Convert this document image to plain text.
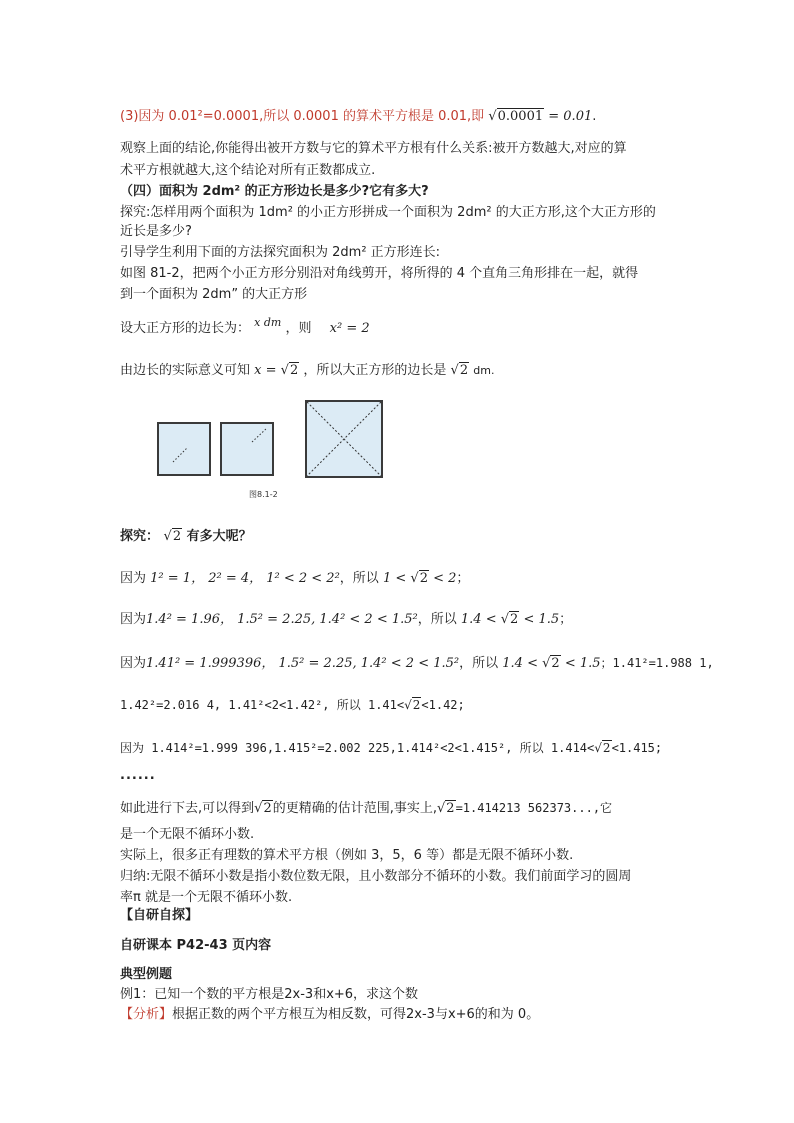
(3)因为 0.01²=0.0001,所以 0.0001 的算术平方根是 0.01,即 √0.0001 = 0.01.
观察上面的结论,你能得出被开方数与它的算术平方根有什么关系:被开方数越大,对应的算
术平方根就越大,这个结论对所有正数都成立.
（四）面积为 2dm² 的正方形边长是多少?它有多大?
探究:怎样用两个面积为 1dm² 的小正方形拼成一个面积为 2dm² 的大正方形,这个大正方形的
近长是多少?
引导学生利用下面的方法探究面积为 2dm² 正方形连长:
如图 81-2，把两个小正方形分别沿对角线剪开，将所得的 4 个直角三角形排在一起，就得
到一个面积为 2dm” 的大正方形
设大正方形的边长为： $^{x dm}$ ，则 x² = 2
由边长的实际意义可知 x = √2 ，所以大正方形的边长是 √2 dm.
图8.1-2
探究： √2 有多大呢？
因为 1² = 1， 2² = 4， 1² < 2 < 2²，所以 1 < √2 < 2；
因为1.4² = 1.96， 1.5² = 2.25, 1.4² < 2 < 1.5²，所以 1.4 < √2 < 1.5；
因为1.41² = 1.999396， 1.5² = 2.25, 1.4² < 2 < 1.5²，所以 1.4 < √2 < 1.5；1.41²=1.988 1,
1.42²=2.016 4, 1.41²<2<1.42², 所以 1.41<√2<1.42;
因为 1.414²=1.999 396,1.415²=2.002 225,1.414²<2<1.415², 所以 1.414<√2<1.415;
......
如此进行下去,可以得到√2的更精确的估计范围,事实上,√2=1.414213 562373...,它
是一个无限不循环小数.
实际上，很多正有理数的算术平方根（例如 3，5，6 等）都是无限不循环小数.
归纳:无限不循环小数是指小数位数无限，且小数部分不循环的小数。我们前面学习的圆周
率π 就是一个无限不循环小数.
【自研自探】
自研课本 P42-43 页内容
典型例题
例1：已知一个数的平方根是2x-3和x+6，求这个数
【分析】根据正数的两个平方根互为相反数，可得2x-3与x+6的和为 0。
